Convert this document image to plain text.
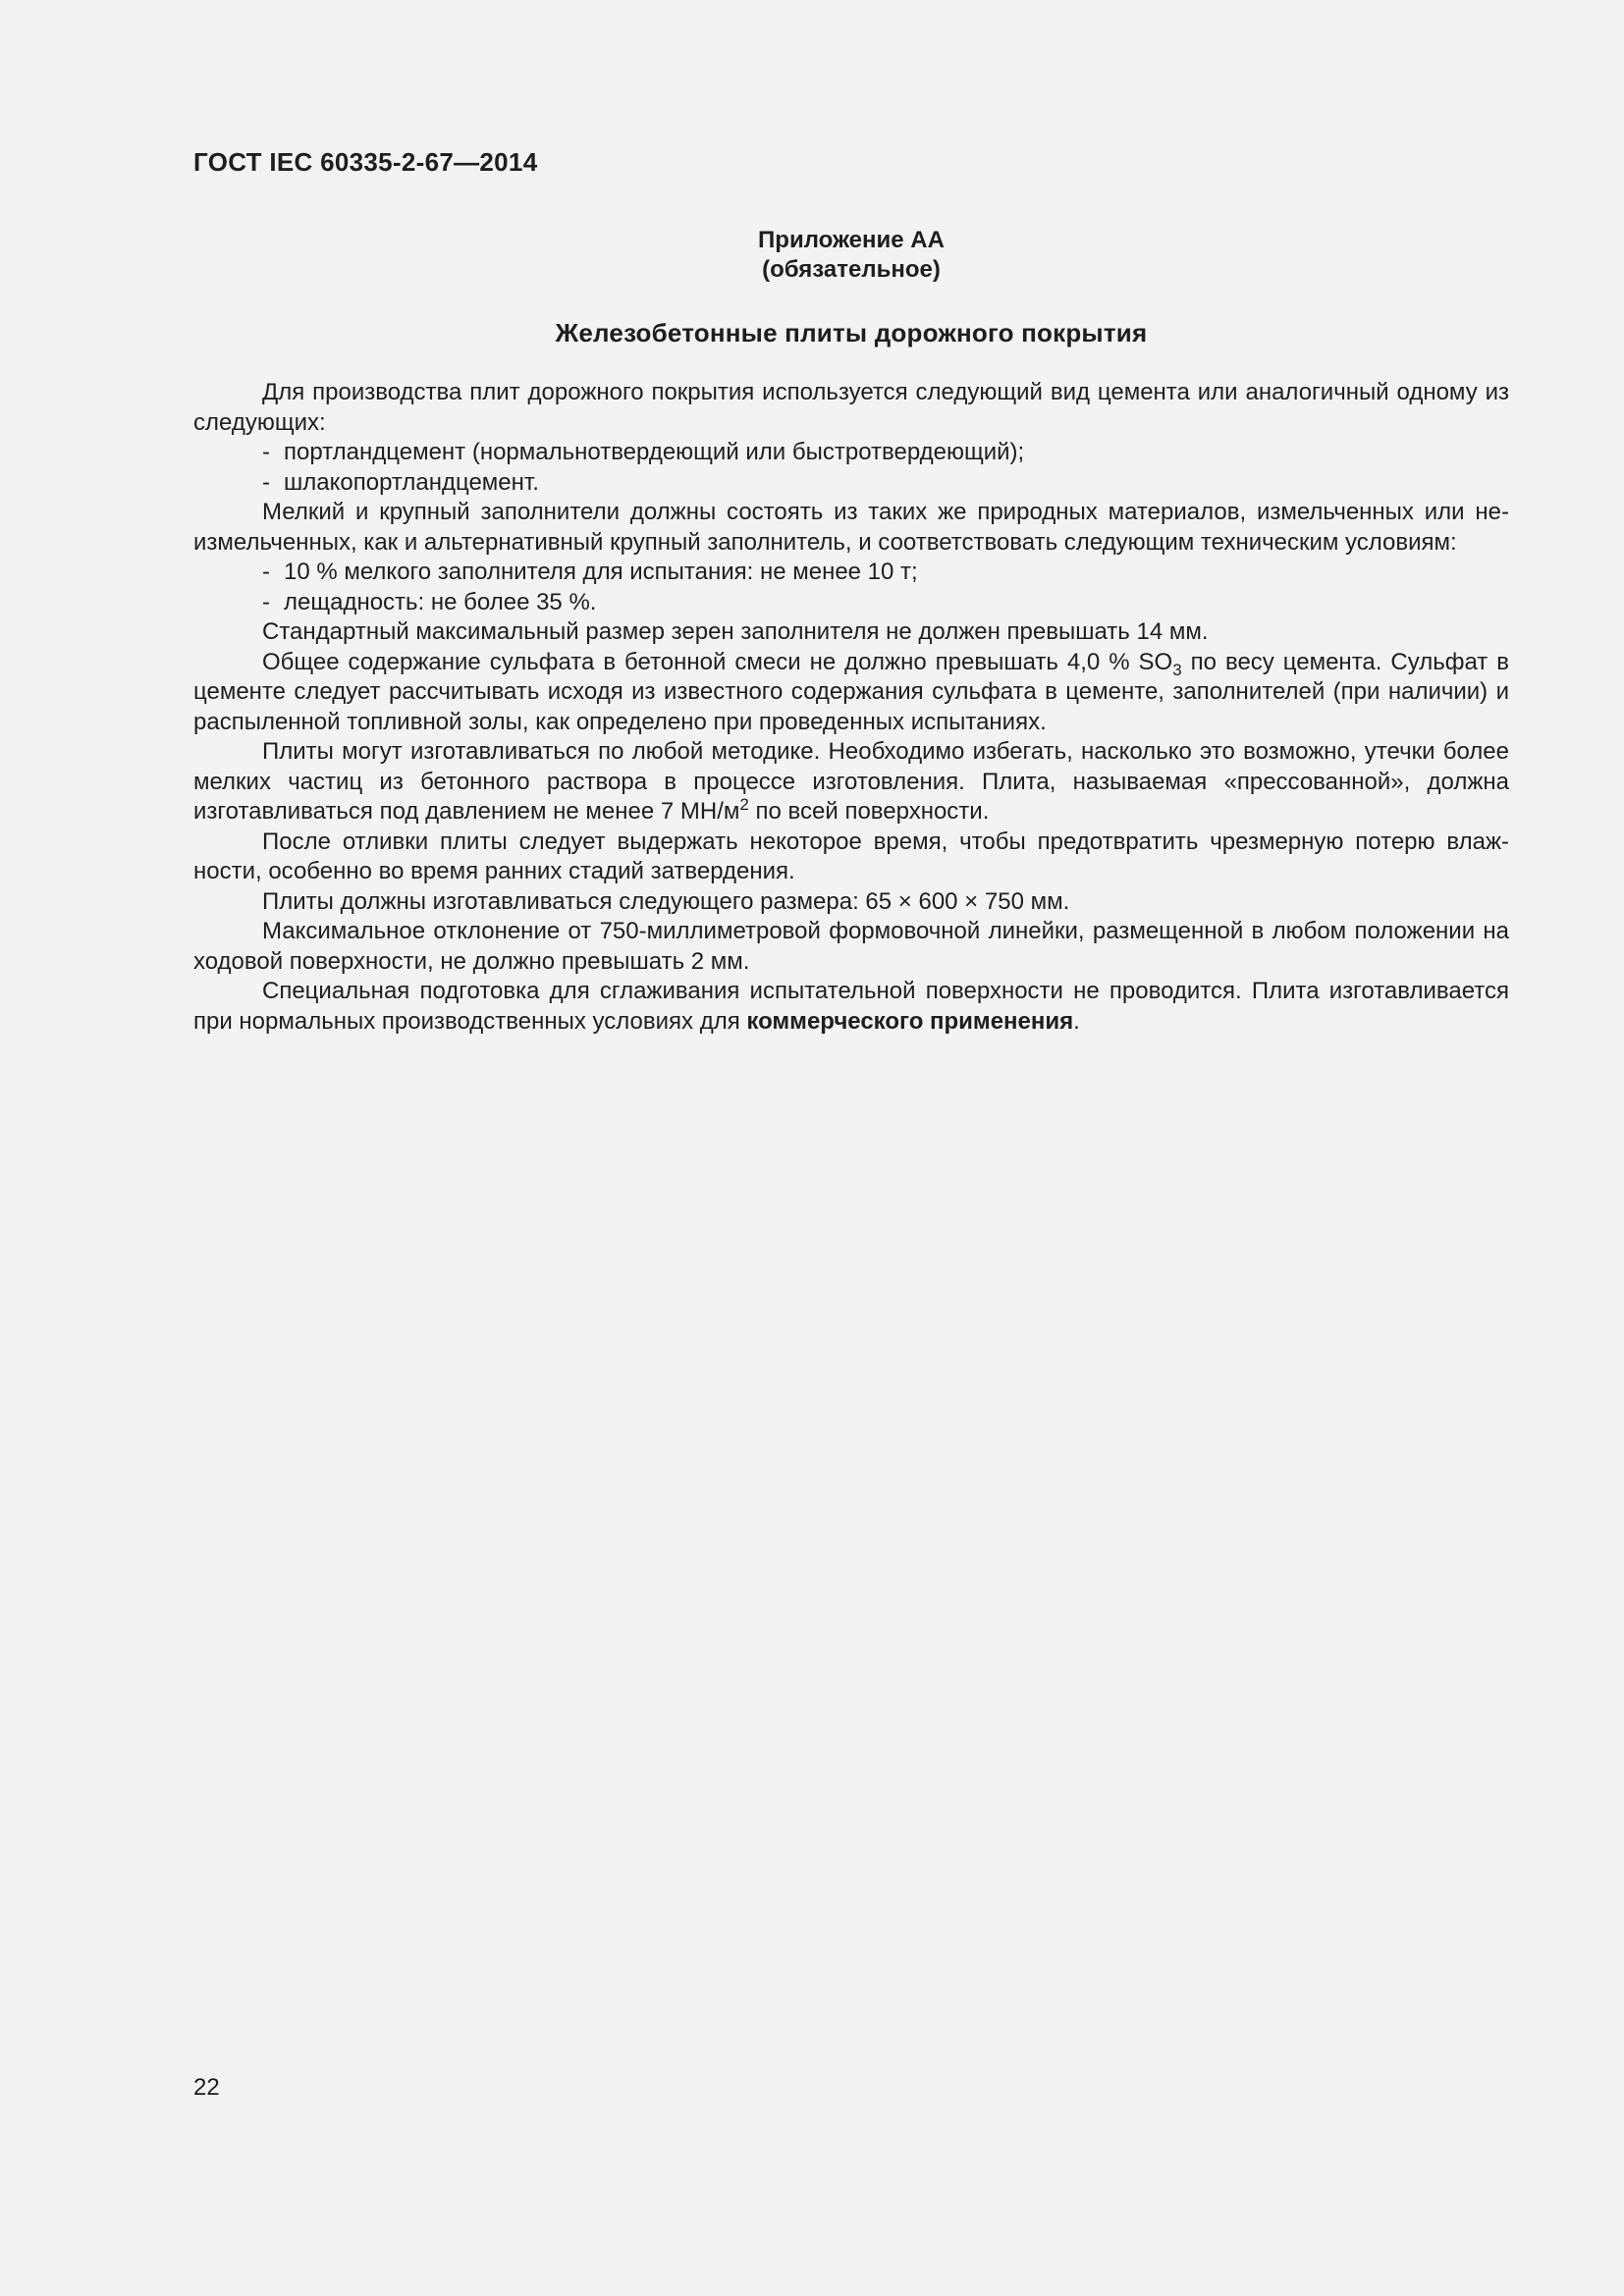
ГОСТ IEC 60335-2-67—2014
Приложение АА
(обязательное)
Железобетонные плиты дорожного покрытия

Для производства плит дорожного покрытия используется следующий вид цемента или аналогичный одному из следующих:

- портландцемент (нормальнотвердеющий или быстротвердеющий);
- шлакопортландцемент.

Мелкий и крупный заполнители должны состоять из таких же природных материалов, измельченных или неизмельченных, как и альтернативный крупный заполнитель, и соответствовать следующим техническим условиям:

- 10 % мелкого заполнителя для испытания: не менее 10 т;
- лещадность: не более 35 %.

Стандартный максимальный размер зерен заполнителя не должен превышать 14 мм.

Общее содержание сульфата в бетонной смеси не должно превышать 4,0 % $SO_3$ по весу цемента. Сульфат в цементе следует рассчитывать исходя из известного содержания сульфата в цементе, заполнителей (при наличии) и распыленной топливной золы, как определено при проведенных испытаниях.

Плиты могут изготавливаться по любой методике. Необходимо избегать, насколько это возможно, утечки более мелких частиц из бетонного раствора в процессе изготовления. Плита, называемая «прессованной», должна изготавливаться под давлением не менее 7 $МН/м^2$ по всей поверхности.

После отливки плиты следует выдержать некоторое время, чтобы предотвратить чрезмерную потерю влажности, особенно во время ранних стадий затвердения.

Плиты должны изготавливаться следующего размера: 65 × 600 × 750 мм.

Максимальное отклонение от 750-миллиметровой формовочной линейки, размещенной в любом положении на ходовой поверхности, не должно превышать 2 мм.

Специальная подготовка для сглаживания испытательной поверхности не проводится. Плита изготавливается при нормальных производственных условиях для коммерческого применения.

22
